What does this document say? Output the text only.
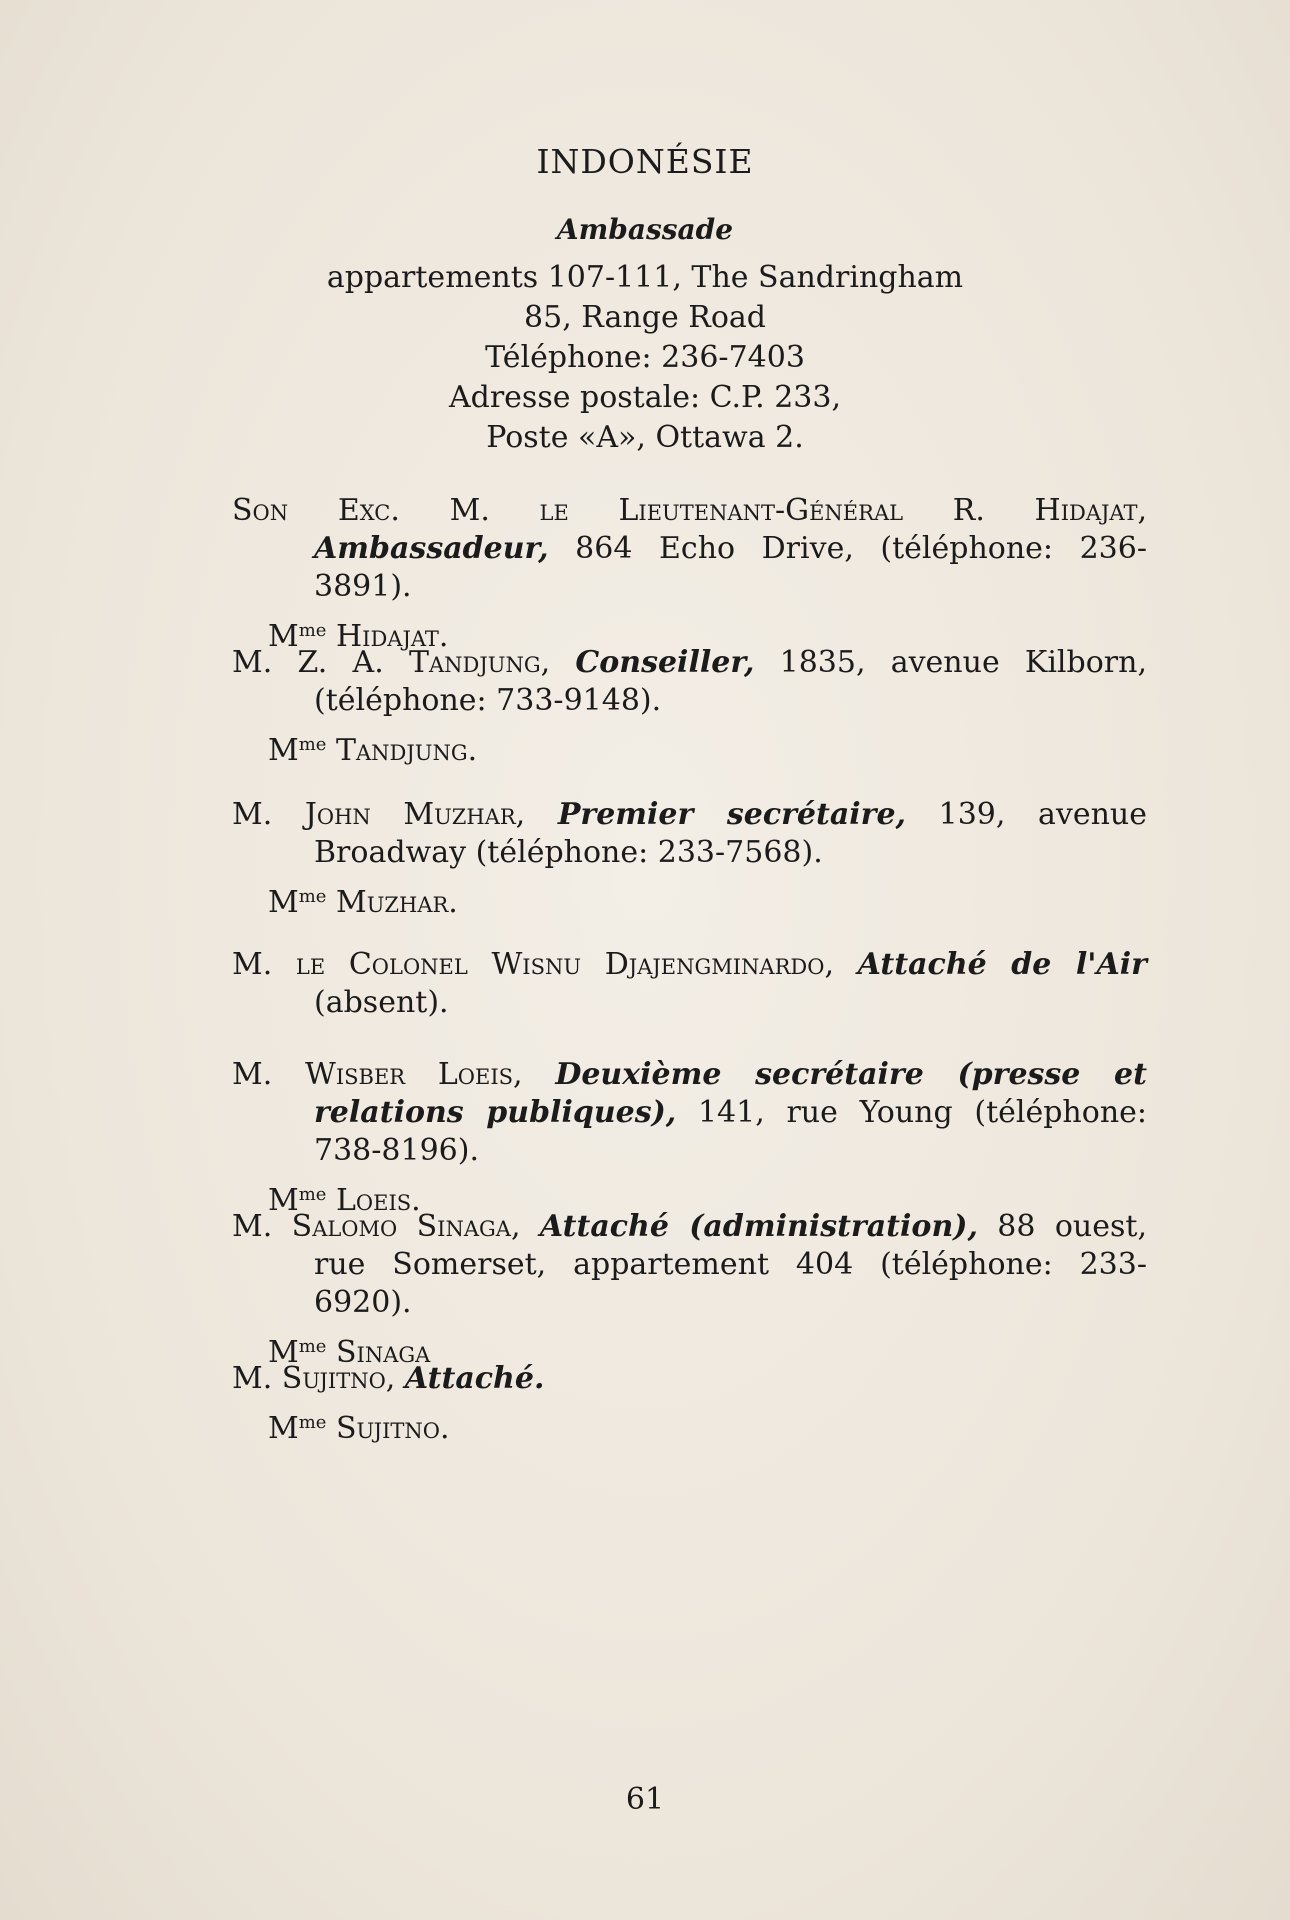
INDONÉSIE
Ambassade
appartements 107-111, The Sandringham
85, Range Road
Téléphone: 236-7403
Adresse postale: C.P. 233,
Poste «A», Ottawa 2.
Son Exc. M. le Lieutenant-Général R. Hidajat, Ambassadeur, 864 Echo Drive, (téléphone: 236-3891).
$M^{me}$ Hidajat.
M. Z. A. Tandjung, Conseiller, 1835, avenue Kilborn, (téléphone: 733-9148).
$M^{me}$ Tandjung.
M. John Muzhar, Premier secrétaire, 139, avenue Broadway (téléphone: 233-7568).
$M^{me}$ Muzhar.
M. le Colonel Wisnu Djajengminardo, Attaché de l'Air (absent).
M. Wisber Loeis, Deuxième secrétaire (presse et relations publiques), 141, rue Young (téléphone: 738-8196).
$M^{me}$ Loeis.
M. Salomo Sinaga, Attaché (administration), 88 ouest, rue Somerset, appartement 404 (téléphone: 233-6920).
$M^{me}$ Sinaga
M. Sujitno, Attaché.
$M^{me}$ Sujitno.
61
